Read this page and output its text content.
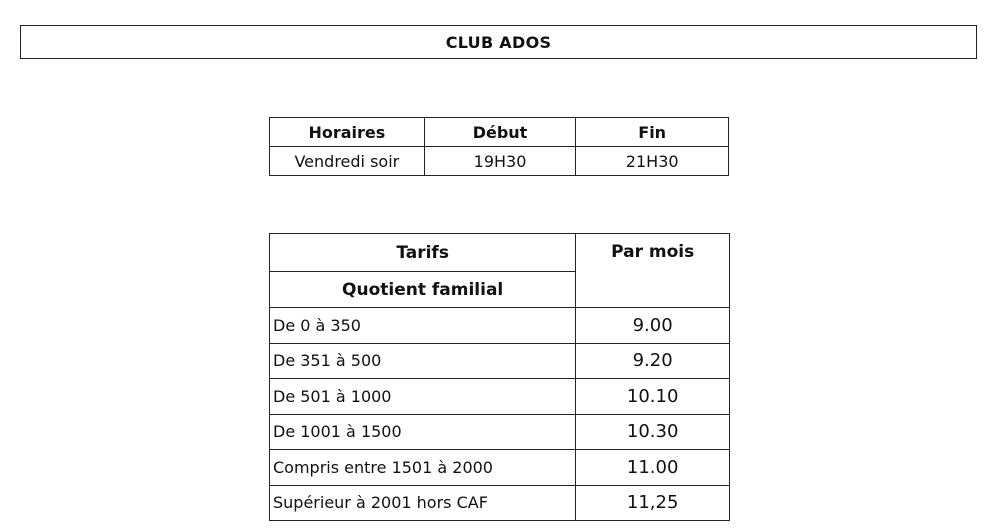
CLUB ADOS
Horaires	Début	Fin
Vendredi soir	19H30	21H30
Tarifs	Par mois
Quotient familial	
De 0 à 350	9.00
De 351 à 500	9.20
De 501 à 1000	10.10
De 1001 à 1500	10.30
Compris entre 1501 à 2000	11.00
Supérieur à 2001 hors CAF	11,25
